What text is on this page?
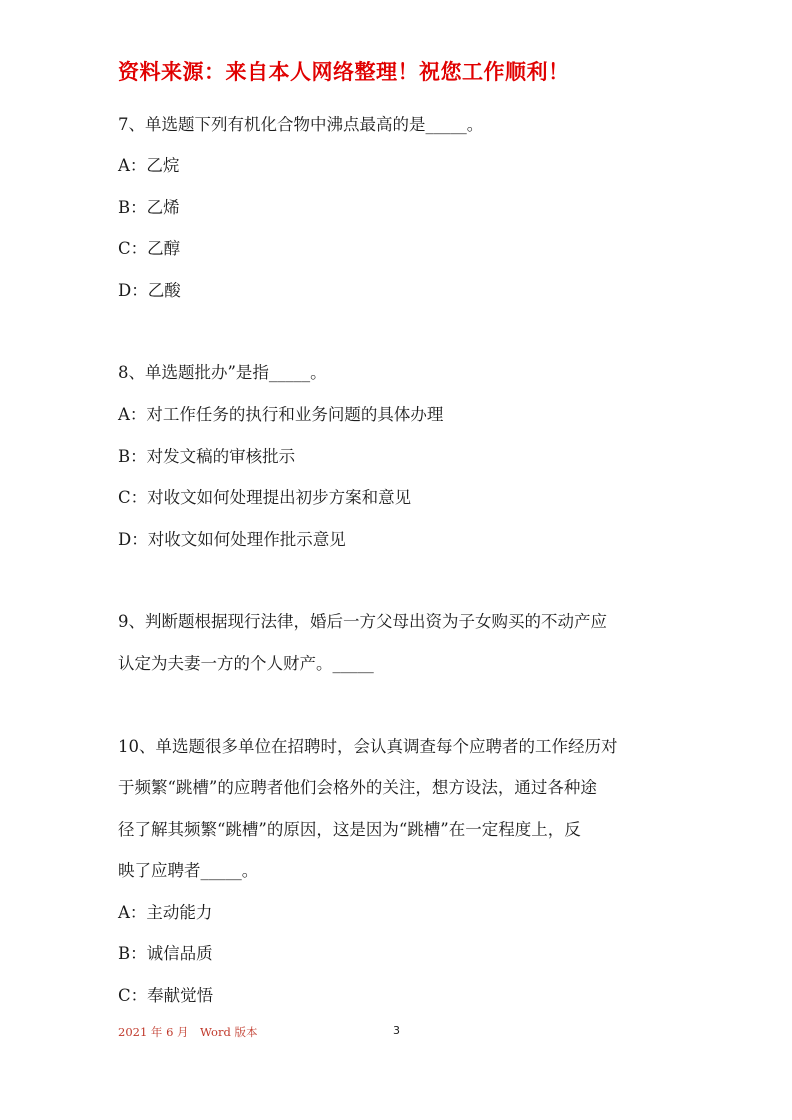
资料来源：来自本人网络整理！祝您工作顺利！
7、单选题下列有机化合物中沸点最高的是_____。
A：乙烷
B：乙烯
C：乙醇
D：乙酸
8、单选题批办”是指_____。
A：对工作任务的执行和业务问题的具体办理
B：对发文稿的审核批示
C：对收文如何处理提出初步方案和意见
D：对收文如何处理作批示意见
9、判断题根据现行法律，婚后一方父母出资为子女购买的不动产应
认定为夫妻一方的个人财产。_____
10、单选题很多单位在招聘时，会认真调查每个应聘者的工作经历对
于频繁“跳槽”的应聘者他们会格外的关注，想方设法，通过各种途
径了解其频繁“跳槽”的原因，这是因为“跳槽”在一定程度上，反
映了应聘者_____。
A：主动能力
B：诚信品质
C：奉献觉悟
2021 年 6 月 Word 版本	3
